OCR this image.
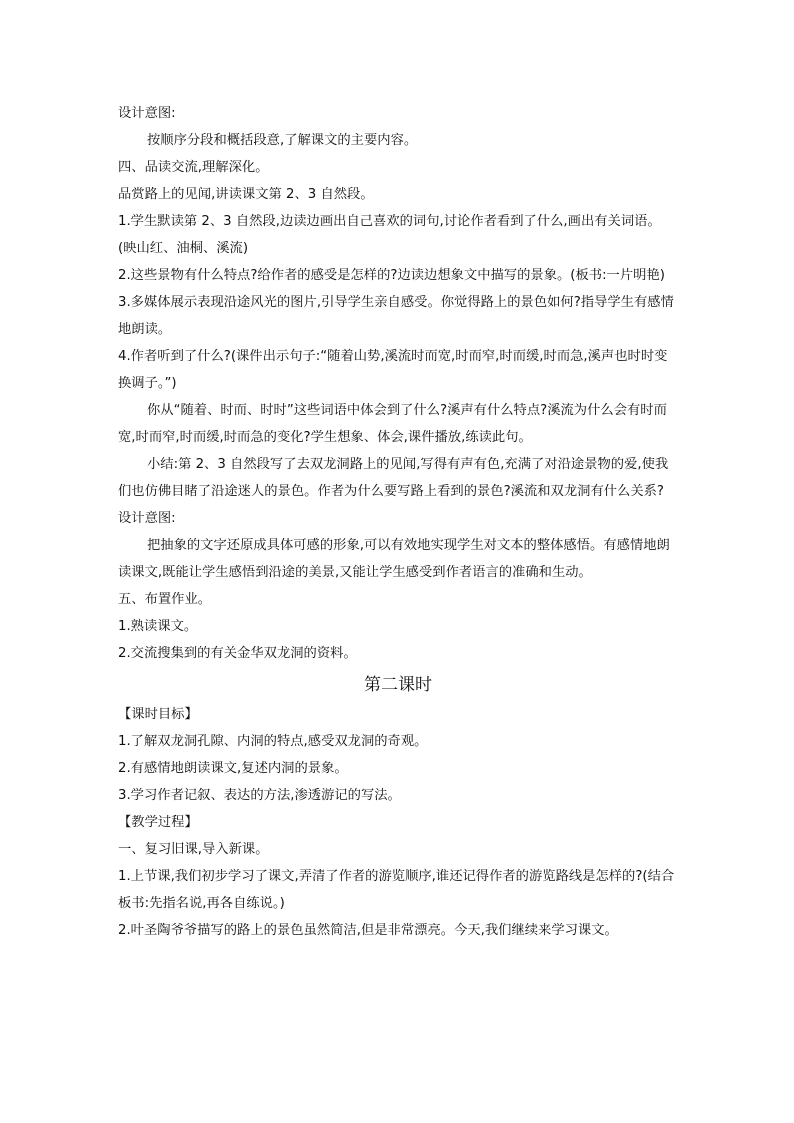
设计意图:

按顺序分段和概括段意,了解课文的主要内容。

四、品读交流,理解深化。

品赏路上的见闻,讲读课文第 2、3 自然段。

1.学生默读第 2、3 自然段,边读边画出自己喜欢的词句,讨论作者看到了什么,画出有关词语。(映山红、油桐、溪流)

2.这些景物有什么特点?给作者的感受是怎样的?边读边想象文中描写的景象。(板书:一片明艳)

3.多媒体展示表现沿途风光的图片,引导学生亲自感受。你觉得路上的景色如何?指导学生有感情地朗读。

4.作者听到了什么?(课件出示句子:“随着山势,溪流时而宽,时而窄,时而缓,时而急,溪声也时时变换调子。”)

你从“随着、时而、时时”这些词语中体会到了什么?溪声有什么特点?溪流为什么会有时而宽,时而窄,时而缓,时而急的变化?学生想象、体会,课件播放,练读此句。

小结:第 2、3 自然段写了去双龙洞路上的见闻,写得有声有色,充满了对沿途景物的爱,使我们也仿佛目睹了沿途迷人的景色。作者为什么要写路上看到的景色?溪流和双龙洞有什么关系?

设计意图:

把抽象的文字还原成具体可感的形象,可以有效地实现学生对文本的整体感悟。有感情地朗读课文,既能让学生感悟到沿途的美景,又能让学生感受到作者语言的准确和生动。

五、布置作业。

1.熟读课文。

2.交流搜集到的有关金华双龙洞的资料。

第二课时

【课时目标】

1.了解双龙洞孔隙、内洞的特点,感受双龙洞的奇观。

2.有感情地朗读课文,复述内洞的景象。

3.学习作者记叙、表达的方法,渗透游记的写法。

【教学过程】

一、复习旧课,导入新课。

1.上节课,我们初步学习了课文,弄清了作者的游览顺序,谁还记得作者的游览路线是怎样的?(结合板书:先指名说,再各自练说。)

2.叶圣陶爷爷描写的路上的景色虽然简洁,但是非常漂亮。今天,我们继续来学习课文。
